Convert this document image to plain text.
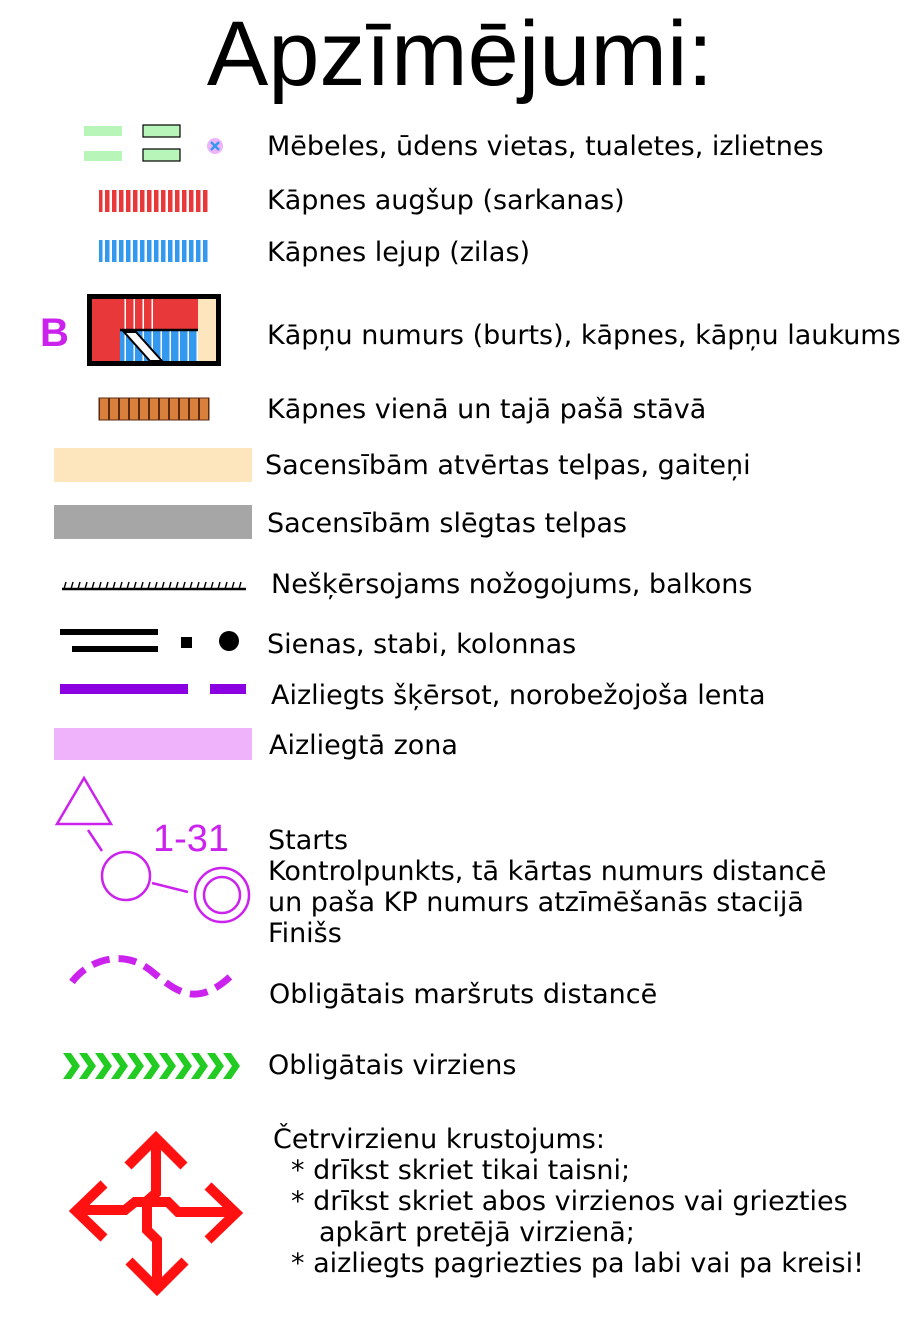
Apzīmējumi:
B
1-31
Mēbeles, ūdens vietas, tualetes, izlietnes
Kāpnes augšup (sarkanas)
Kāpnes lejup (zilas)
Kāpņu numurs (burts), kāpnes, kāpņu laukums
Kāpnes vienā un tajā pašā stāvā
Sacensībām atvērtas telpas, gaiteņi
Sacensībām slēgtas telpas
Nešķērsojams nožogojums, balkons
Sienas, stabi, kolonnas
Aizliegts šķērsot, norobežojoša lenta
Aizliegtā zona
Starts
Kontrolpunkts, tā kārtas numurs distancē
un paša KP numurs atzīmēšanās stacijā
Finišs
Obligātais maršruts distancē
Obligātais virziens
Četrvirzienu krustojums:
* drīkst skriet tikai taisni;
* drīkst skriet abos virzienos vai griezties
apkārt pretējā virzienā;
* aizliegts pagriezties pa labi vai pa kreisi!
